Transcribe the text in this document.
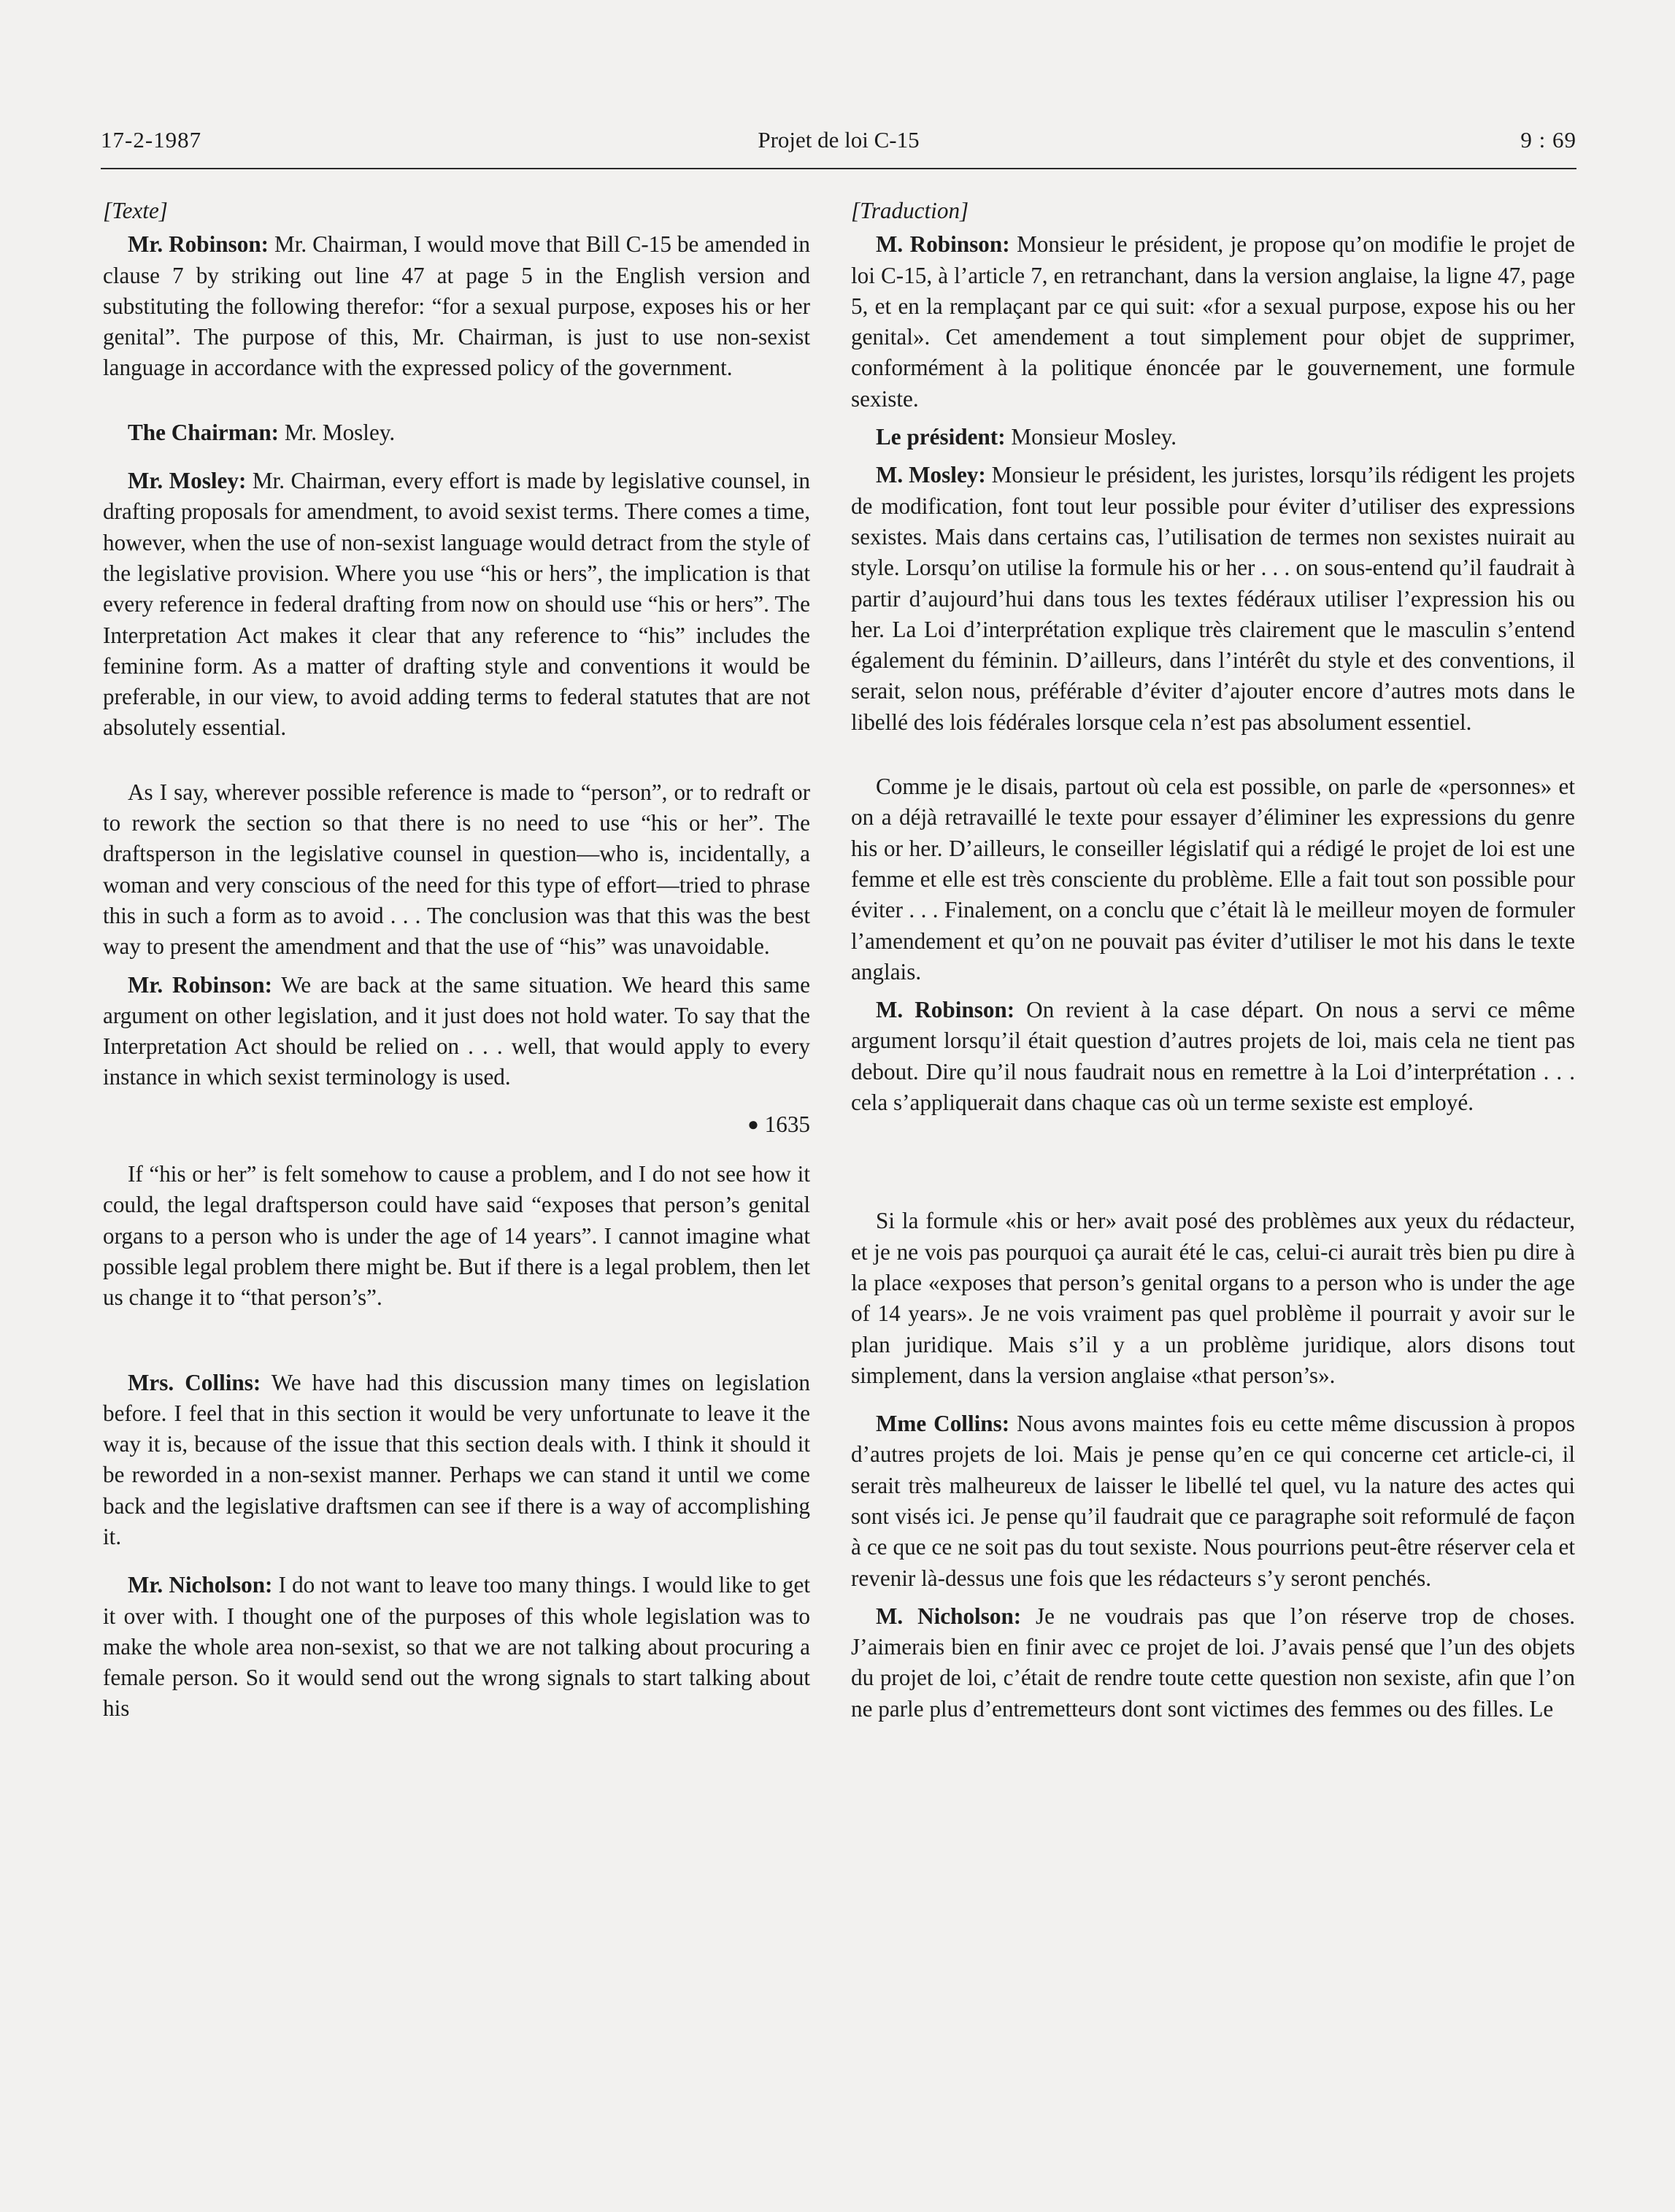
17-2-1987	Projet de loi C-15	9 : 69
[Texte]

Mr. Robinson: Mr. Chairman, I would move that Bill C-15 be amended in clause 7 by striking out line 47 at page 5 in the English version and substituting the following therefor: “for a sexual purpose, exposes his or her genital”. The purpose of this, Mr. Chairman, is just to use non-sexist language in accordance with the expressed policy of the government.

The Chairman: Mr. Mosley.

Mr. Mosley: Mr. Chairman, every effort is made by legislative counsel, in drafting proposals for amendment, to avoid sexist terms. There comes a time, however, when the use of non-sexist language would detract from the style of the legislative provision. Where you use “his or hers”, the implication is that every reference in federal drafting from now on should use “his or hers”. The Interpretation Act makes it clear that any reference to “his” includes the feminine form. As a matter of drafting style and conventions it would be preferable, in our view, to avoid adding terms to federal statutes that are not absolutely essential.

As I say, wherever possible reference is made to “person”, or to redraft or to rework the section so that there is no need to use “his or her”. The draftsperson in the legislative counsel in question—who is, incidentally, a woman and very conscious of the need for this type of effort—tried to phrase this in such a form as to avoid . . . The conclusion was that this was the best way to present the amendment and that the use of “his” was unavoidable.

Mr. Robinson: We are back at the same situation. We heard this same argument on other legislation, and it just does not hold water. To say that the Interpretation Act should be relied on . . . well, that would apply to every instance in which sexist terminology is used.

● 1635

If “his or her” is felt somehow to cause a problem, and I do not see how it could, the legal draftsperson could have said “exposes that person’s genital organs to a person who is under the age of 14 years”. I cannot imagine what possible legal problem there might be. But if there is a legal problem, then let us change it to “that person’s”.

Mrs. Collins: We have had this discussion many times on legislation before. I feel that in this section it would be very unfortunate to leave it the way it is, because of the issue that this section deals with. I think it should it be reworded in a non-sexist manner. Perhaps we can stand it until we come back and the legislative draftsmen can see if there is a way of accomplishing it.

Mr. Nicholson: I do not want to leave too many things. I would like to get it over with. I thought one of the purposes of this whole legislation was to make the whole area non-sexist, so that we are not talking about procuring a female person. So it would send out the wrong signals to start talking about his

[Traduction]

M. Robinson: Monsieur le président, je propose qu’on modifie le projet de loi C-15, à l’article 7, en retranchant, dans la version anglaise, la ligne 47, page 5, et en la remplaçant par ce qui suit: «for a sexual purpose, expose his ou her genital». Cet amendement a tout simplement pour objet de supprimer, conformément à la politique énoncée par le gouvernement, une formule sexiste.

Le président: Monsieur Mosley.

M. Mosley: Monsieur le président, les juristes, lorsqu’ils rédigent les projets de modification, font tout leur possible pour éviter d’utiliser des expressions sexistes. Mais dans certains cas, l’utilisation de termes non sexistes nuirait au style. Lorsqu’on utilise la formule his or her . . . on sous-entend qu’il faudrait à partir d’aujourd’hui dans tous les textes fédéraux utiliser l’expression his ou her. La Loi d’interprétation explique très clairement que le masculin s’entend également du féminin. D’ailleurs, dans l’intérêt du style et des conventions, il serait, selon nous, préférable d’éviter d’ajouter encore d’autres mots dans le libellé des lois fédérales lorsque cela n’est pas absolument essentiel.

Comme je le disais, partout où cela est possible, on parle de «personnes» et on a déjà retravaillé le texte pour essayer d’éliminer les expressions du genre his or her. D’ailleurs, le conseiller législatif qui a rédigé le projet de loi est une femme et elle est très consciente du problème. Elle a fait tout son possible pour éviter . . . Finalement, on a conclu que c’était là le meilleur moyen de formuler l’amendement et qu’on ne pouvait pas éviter d’utiliser le mot his dans le texte anglais.

M. Robinson: On revient à la case départ. On nous a servi ce même argument lorsqu’il était question d’autres projets de loi, mais cela ne tient pas debout. Dire qu’il nous faudrait nous en remettre à la Loi d’interprétation . . . cela s’appliquerait dans chaque cas où un terme sexiste est employé.

Si la formule «his or her» avait posé des problèmes aux yeux du rédacteur, et je ne vois pas pourquoi ça aurait été le cas, celui-ci aurait très bien pu dire à la place «exposes that person’s genital organs to a person who is under the age of 14 years». Je ne vois vraiment pas quel problème il pourrait y avoir sur le plan juridique. Mais s’il y a un problème juridique, alors disons tout simplement, dans la version anglaise «that person’s».

Mme Collins: Nous avons maintes fois eu cette même discussion à propos d’autres projets de loi. Mais je pense qu’en ce qui concerne cet article-ci, il serait très malheureux de laisser le libellé tel quel, vu la nature des actes qui sont visés ici. Je pense qu’il faudrait que ce paragraphe soit reformulé de façon à ce que ce ne soit pas du tout sexiste. Nous pourrions peut-être réserver cela et revenir là-dessus une fois que les rédacteurs s’y seront penchés.

M. Nicholson: Je ne voudrais pas que l’on réserve trop de choses. J’aimerais bien en finir avec ce projet de loi. J’avais pensé que l’un des objets du projet de loi, c’était de rendre toute cette question non sexiste, afin que l’on ne parle plus d’entremetteurs dont sont victimes des femmes ou des filles. Le
